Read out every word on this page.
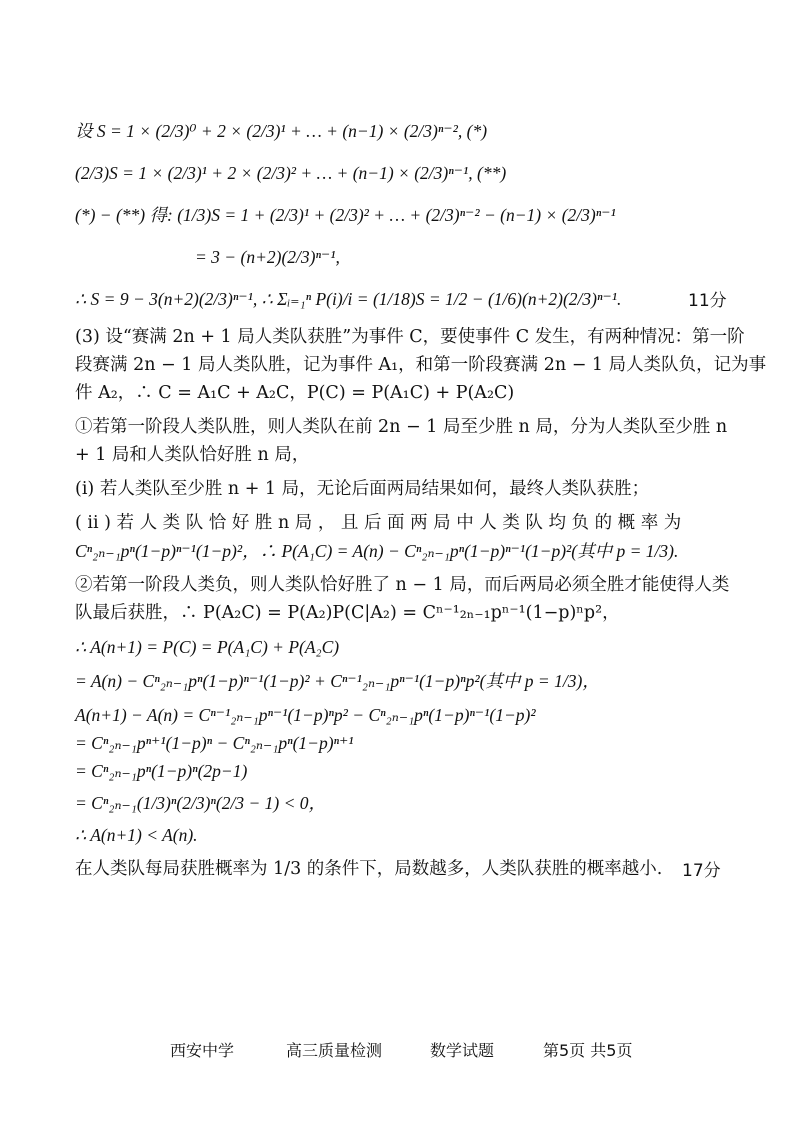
设 S = 1 × (2/3)⁰ + 2 × (2/3)¹ + … + (n−1) × (2/3)ⁿ⁻², (*)
(2/3)S = 1 × (2/3)¹ + 2 × (2/3)² + … + (n−1) × (2/3)ⁿ⁻¹, (**)
(*) − (**) 得: (1/3)S = 1 + (2/3)¹ + (2/3)² + … + (2/3)ⁿ⁻² − (n−1) × (2/3)ⁿ⁻¹
= 3 − (n+2)(2/3)ⁿ⁻¹,
∴ S = 9 − 3(n+2)(2/3)ⁿ⁻¹, ∴ Σᵢ₌₁ⁿ P(i)/i = (1/18)S = 1/2 − (1/6)(n+2)(2/3)ⁿ⁻¹.	11分
(3) 设“赛满 2n + 1 局人类队获胜”为事件 C，要使事件 C 发生，有两种情况：第一阶
段赛满 2n − 1 局人类队胜，记为事件 A₁，和第一阶段赛满 2n − 1 局人类队负，记为事
件 A₂，∴ C = A₁C + A₂C，P(C) = P(A₁C) + P(A₂C)
①若第一阶段人类队胜，则人类队在前 2n − 1 局至少胜 n 局，分为人类队至少胜 n
+ 1 局和人类队恰好胜 n 局，
(i) 若人类队至少胜 n + 1 局，无论后面两局结果如何，最终人类队获胜；
( ii ) 若 人 类 队 恰 好 胜 n 局 ， 且 后 面 两 局 中 人 类 队 均 负 的 概 率 为
Cⁿ₂ₙ₋₁pⁿ(1−p)ⁿ⁻¹(1−p)²，∴ P(A₁C) = A(n) − Cⁿ₂ₙ₋₁pⁿ(1−p)ⁿ⁻¹(1−p)²(其中 p = 1/3).
②若第一阶段人类负，则人类队恰好胜了 n − 1 局，而后两局必须全胜才能使得人类
队最后获胜，∴ P(A₂C) = P(A₂)P(C|A₂) = Cⁿ⁻¹₂ₙ₋₁pⁿ⁻¹(1−p)ⁿp²，
∴ A(n+1) = P(C) = P(A₁C) + P(A₂C)
= A(n) − Cⁿ₂ₙ₋₁pⁿ(1−p)ⁿ⁻¹(1−p)² + Cⁿ⁻¹₂ₙ₋₁pⁿ⁻¹(1−p)ⁿp²(其中 p = 1/3)，
A(n+1) − A(n) = Cⁿ⁻¹₂ₙ₋₁pⁿ⁻¹(1−p)ⁿp² − Cⁿ₂ₙ₋₁pⁿ(1−p)ⁿ⁻¹(1−p)²
= Cⁿ₂ₙ₋₁pⁿ⁺¹(1−p)ⁿ − Cⁿ₂ₙ₋₁pⁿ(1−p)ⁿ⁺¹
= Cⁿ₂ₙ₋₁pⁿ(1−p)ⁿ(2p−1)
= Cⁿ₂ₙ₋₁(1/3)ⁿ(2/3)ⁿ(2/3 − 1) < 0，
∴ A(n+1) < A(n).
在人类队每局获胜概率为 1/3 的条件下，局数越多，人类队获胜的概率越小.	17分
西安中学	高三质量检测	数学试题	第5页 共5页
